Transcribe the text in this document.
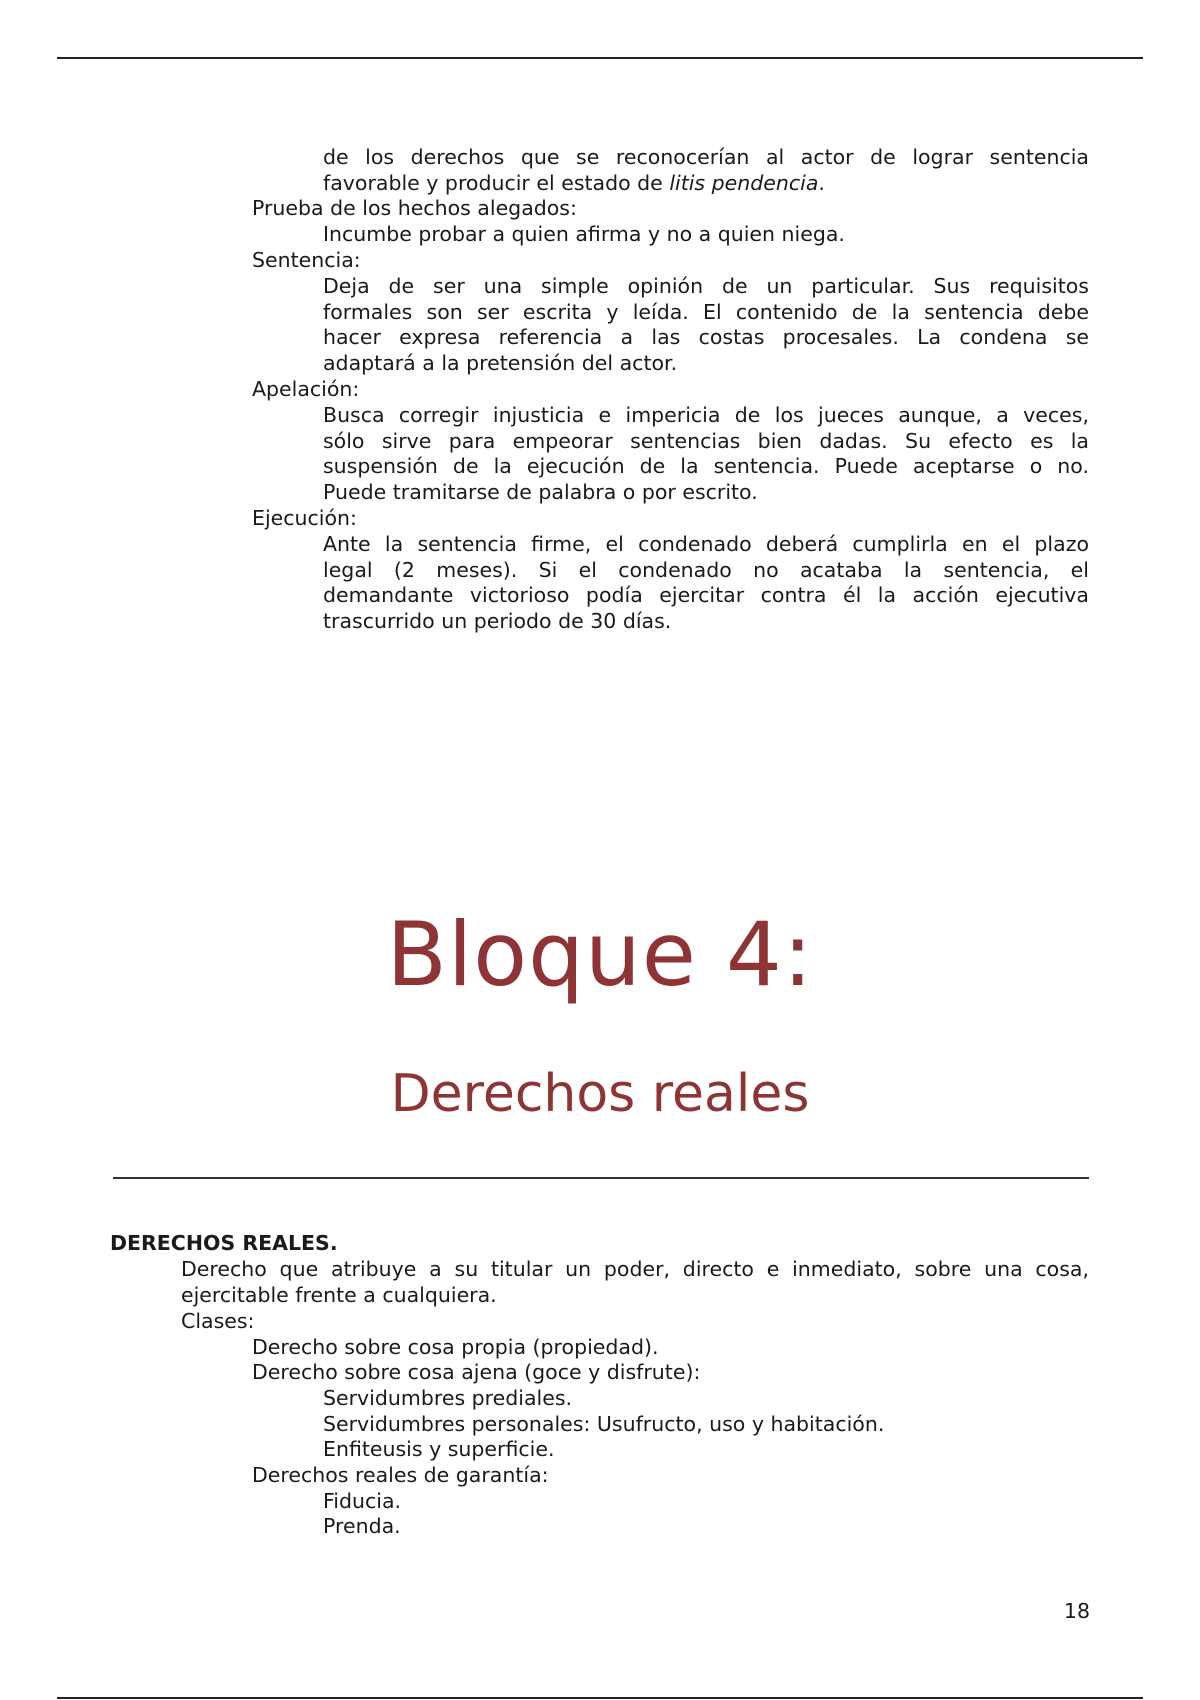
de los derechos que se reconocerían al actor de lograr sentencia
favorable y producir el estado de litis pendencia.
Prueba de los hechos alegados:
Incumbe probar a quien afirma y no a quien niega.
Sentencia:
Deja de ser una simple opinión de un particular. Sus requisitos
formales son ser escrita y leída. El contenido de la sentencia debe
hacer expresa referencia a las costas procesales. La condena se
adaptará a la pretensión del actor.
Apelación:
Busca corregir injusticia e impericia de los jueces aunque, a veces,
sólo sirve para empeorar sentencias bien dadas. Su efecto es la
suspensión de la ejecución de la sentencia. Puede aceptarse o no.
Puede tramitarse de palabra o por escrito.
Ejecución:
Ante la sentencia firme, el condenado deberá cumplirla en el plazo
legal (2 meses). Si el condenado no acataba la sentencia, el
demandante victorioso podía ejercitar contra él la acción ejecutiva
trascurrido un periodo de 30 días.
Bloque 4:
Derechos reales
DERECHOS REALES.
Derecho que atribuye a su titular un poder, directo e inmediato, sobre una cosa,
ejercitable frente a cualquiera.
Clases:
Derecho sobre cosa propia (propiedad).
Derecho sobre cosa ajena (goce y disfrute):
Servidumbres prediales.
Servidumbres personales: Usufructo, uso y habitación.
Enfiteusis y superficie.
Derechos reales de garantía:
Fiducia.
Prenda.
18
